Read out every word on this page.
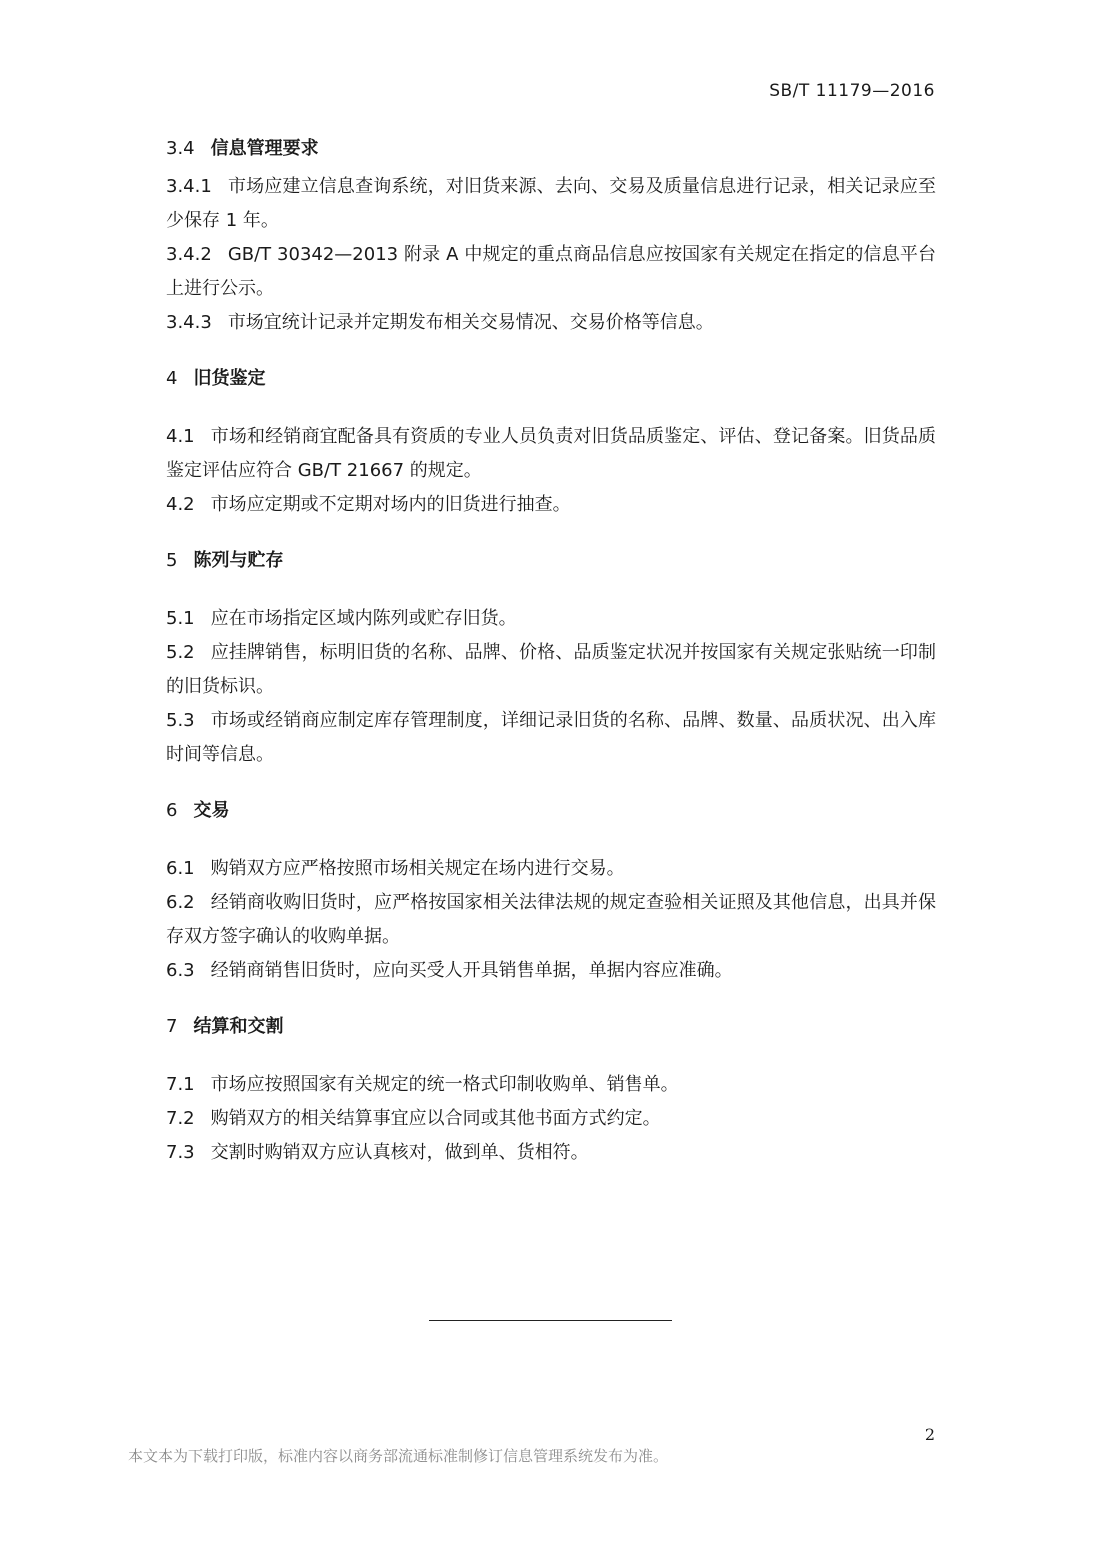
SB/T 11179—2016
3.4 信息管理要求

3.4.1 市场应建立信息查询系统，对旧货来源、去向、交易及质量信息进行记录，相关记录应至少保存 1 年。

3.4.2 GB/T 30342—2013 附录 A 中规定的重点商品信息应按国家有关规定在指定的信息平台上进行公示。

3.4.3 市场宜统计记录并定期发布相关交易情况、交易价格等信息。

4 旧货鉴定

4.1 市场和经销商宜配备具有资质的专业人员负责对旧货品质鉴定、评估、登记备案。旧货品质鉴定评估应符合 GB/T 21667 的规定。

4.2 市场应定期或不定期对场内的旧货进行抽查。

5 陈列与贮存

5.1 应在市场指定区域内陈列或贮存旧货。

5.2 应挂牌销售，标明旧货的名称、品牌、价格、品质鉴定状况并按国家有关规定张贴统一印制的旧货标识。

5.3 市场或经销商应制定库存管理制度，详细记录旧货的名称、品牌、数量、品质状况、出入库时间等信息。

6 交易

6.1 购销双方应严格按照市场相关规定在场内进行交易。

6.2 经销商收购旧货时，应严格按国家相关法律法规的规定查验相关证照及其他信息，出具并保存双方签字确认的收购单据。

6.3 经销商销售旧货时，应向买受人开具销售单据，单据内容应准确。

7 结算和交割

7.1 市场应按照国家有关规定的统一格式印制收购单、销售单。

7.2 购销双方的相关结算事宜应以合同或其他书面方式约定。

7.3 交割时购销双方应认真核对，做到单、货相符。

2
本文本为下载打印版，标准内容以商务部流通标准制修订信息管理系统发布为准。
